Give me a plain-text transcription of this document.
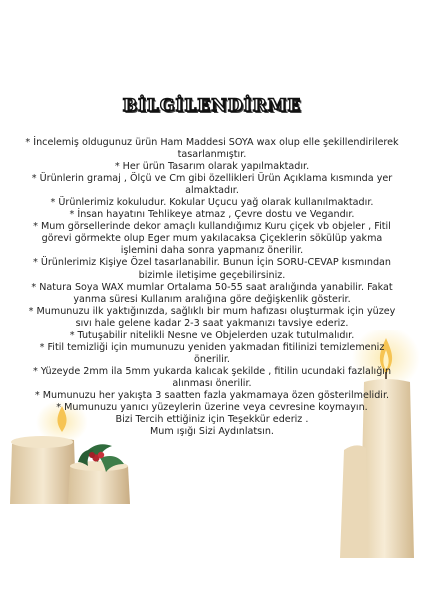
BİLGİLENDİRME

* İncelemiş oldugunuz ürün Ham Maddesi SOYA wax olup elle şekillendirilerek

tasarlanmıştır.

* Her ürün Tasarım olarak yapılmaktadır.

* Ürünlerin gramaj , Ölçü ve Cm gibi özellikleri Ürün Açıklama kısmında yer

almaktadır.

* Ürünlerimiz kokuludur. Kokular Uçucu yağ olarak kullanılmaktadır.

* İnsan hayatını Tehlikeye atmaz , Çevre dostu ve Vegandır.

* Mum görsellerinde dekor amaçlı kullandığımız Kuru çiçek vb objeler , Fitil

görevi görmekte olup Eger mum yakılacaksa Çiçeklerin sökülüp yakma

işlemini daha sonra yapmanız önerilir.

* Ürünlerimiz Kişiye Özel tasarlanabilir. Bunun İçin SORU-CEVAP kısmından

bizimle iletişime geçebilirsiniz.

* Natura Soya WAX mumlar Ortalama 50-55 saat aralığında yanabilir. Fakat

yanma süresi Kullanım aralığına göre değişkenlik gösterir.

* Mumunuzu ilk yaktığınızda, sağlıklı bir mum hafızası oluşturmak için yüzey

sıvı hale gelene kadar 2-3 saat yakmanızı tavsiye ederiz.

* Tutuşabilir nitelikli Nesne ve Objelerden uzak tutulmalıdır.

* Fitil temizliği için mumunuzu yeniden yakmadan fitilinizi temizlemeniz

önerilir.

* Yüzeyde 2mm ila 5mm yukarda kalıcak şekilde , fitilin ucundaki fazlalığın

alınması önerilir.

* Mumunuzu her yakışta 3 saatten fazla yakmamaya özen gösterilmelidir.

* Mumunuzu yanıcı yüzeylerin üzerine veya cevresine koymayın.

Bizi Tercih ettiğiniz için Teşekkür ederiz .

Mum ışığı Sizi Aydınlatsın.
